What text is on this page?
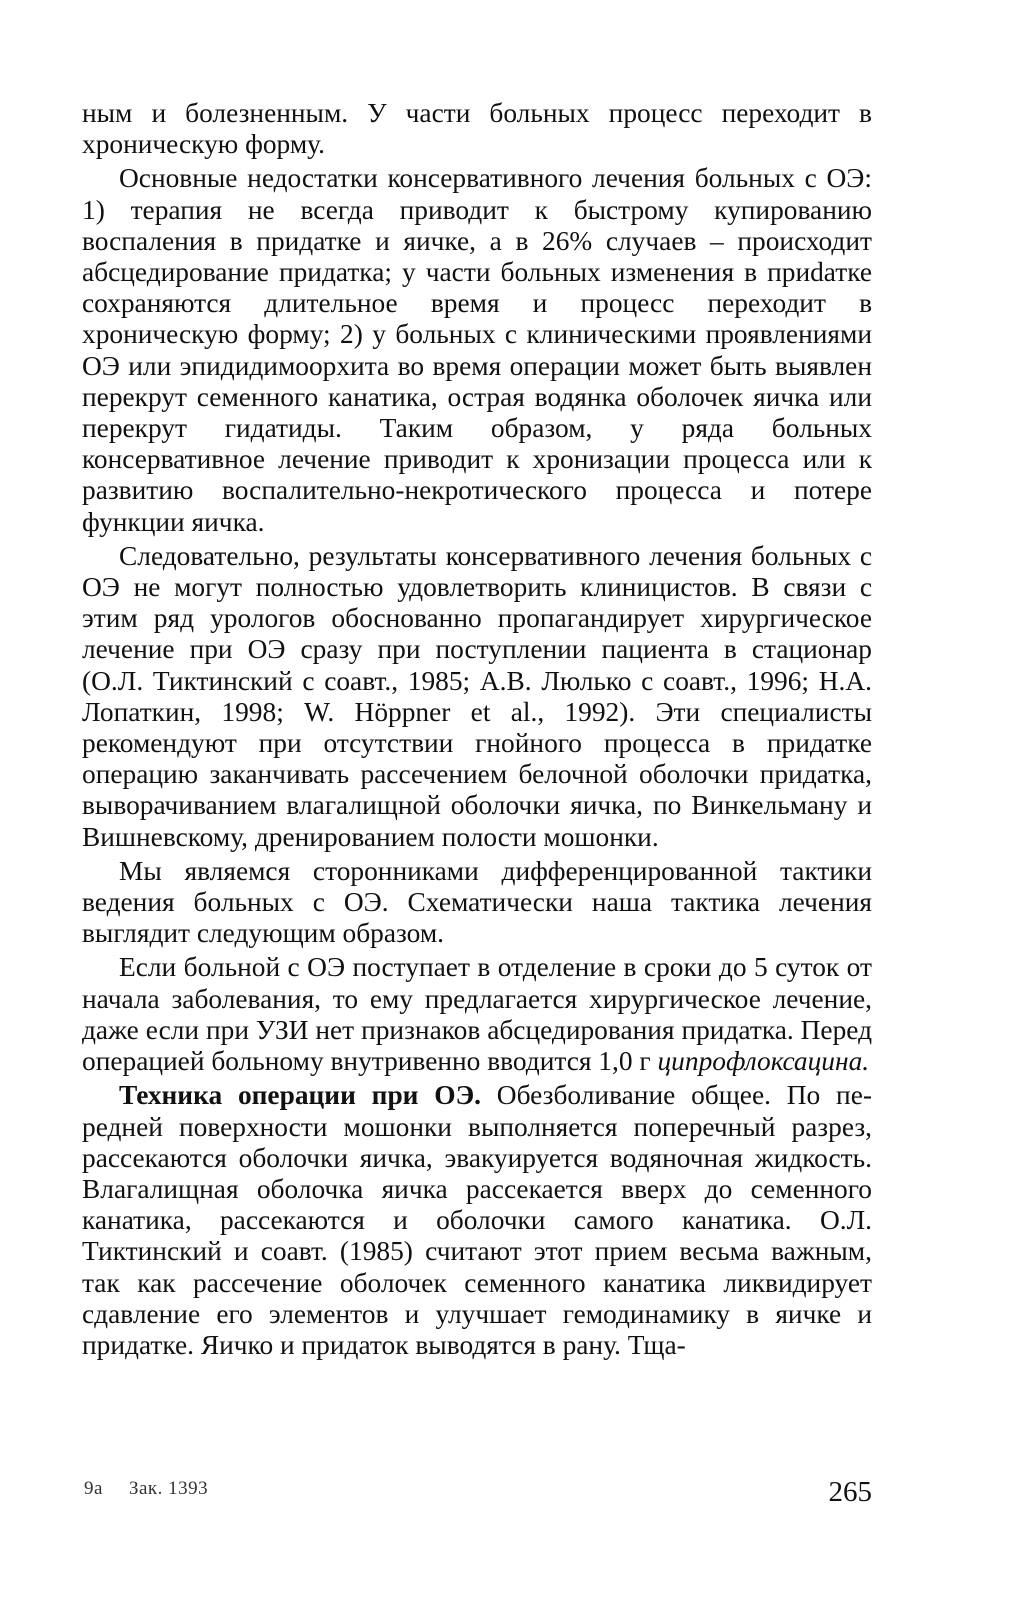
ным и болезненным. У части больных процесс переходит в хроническую форму.

Основные недостатки консервативного лечения больных с ОЭ: 1) терапия не всегда приводит к быстрому купированию воспаления в придатке и яичке, а в 26% случаев – происходит абсцедирование придатка; у части больных изменения в приdатке сохраняются длительное время и процесс переходит в хроническую форму; 2) у больных с клиническими проявлениями ОЭ или эпидидимоорхита во время операции может быть выявлен перекрут семенного канатика, острая водянка оболочек яичка или перекрут гидатиды. Таким образом, у ряда больных консервативное лечение приводит к хронизации процесса или к развитию воспалительно-некротического процесса и потере функции яичка.

Следовательно, результаты консервативного лечения больных с ОЭ не могут полностью удовлетворить клиницистов. В связи с этим ряд урологов обоснованно пропагандирует хирургическое лечение при ОЭ сразу при поступлении пациента в стационар (О.Л. Тиктинский с соавт., 1985; А.В. Люлько с соавт., 1996; Н.А. Лопаткин, 1998; W. Höppner et al., 1992). Эти специалисты рекомендуют при отсутствии гнойного процесса в придатке операцию заканчивать рассечением белочной оболочки придатка, выворачиванием влагалищной оболочки яичка, по Винкельману и Вишневскому, дренированием полости мошонки.

Мы являемся сторонниками дифференцированной тактики ведения больных с ОЭ. Схематически наша тактика лечения выглядит следующим образом.

Если больной с ОЭ поступает в отделение в сроки до 5 суток от начала заболевания, то ему предлагается хирургическое лечение, даже если при УЗИ нет признаков абсцедирования придатка. Перед операцией больному внутривенно вводится 1,0 г ципрофлоксацина.

Техника операции при ОЭ. Обезболивание общее. По передней поверхности мошонки выполняется поперечный разрез, рассекаются оболочки яичка, эвакуируется водяночная жидкость. Влагалищная оболочка яичка рассекается вверх до семенного канатика, рассекаются и оболочки самого канатика. О.Л. Тиктинский и соавт. (1985) считают этот прием весьма важным, так как рассечение оболочек семенного канатика ликвидирует сдавление его элементов и улучшает гемодинамику в яичке и придатке. Яичко и придаток выводятся в рану. Тща-

9а Зак. 1393	265
